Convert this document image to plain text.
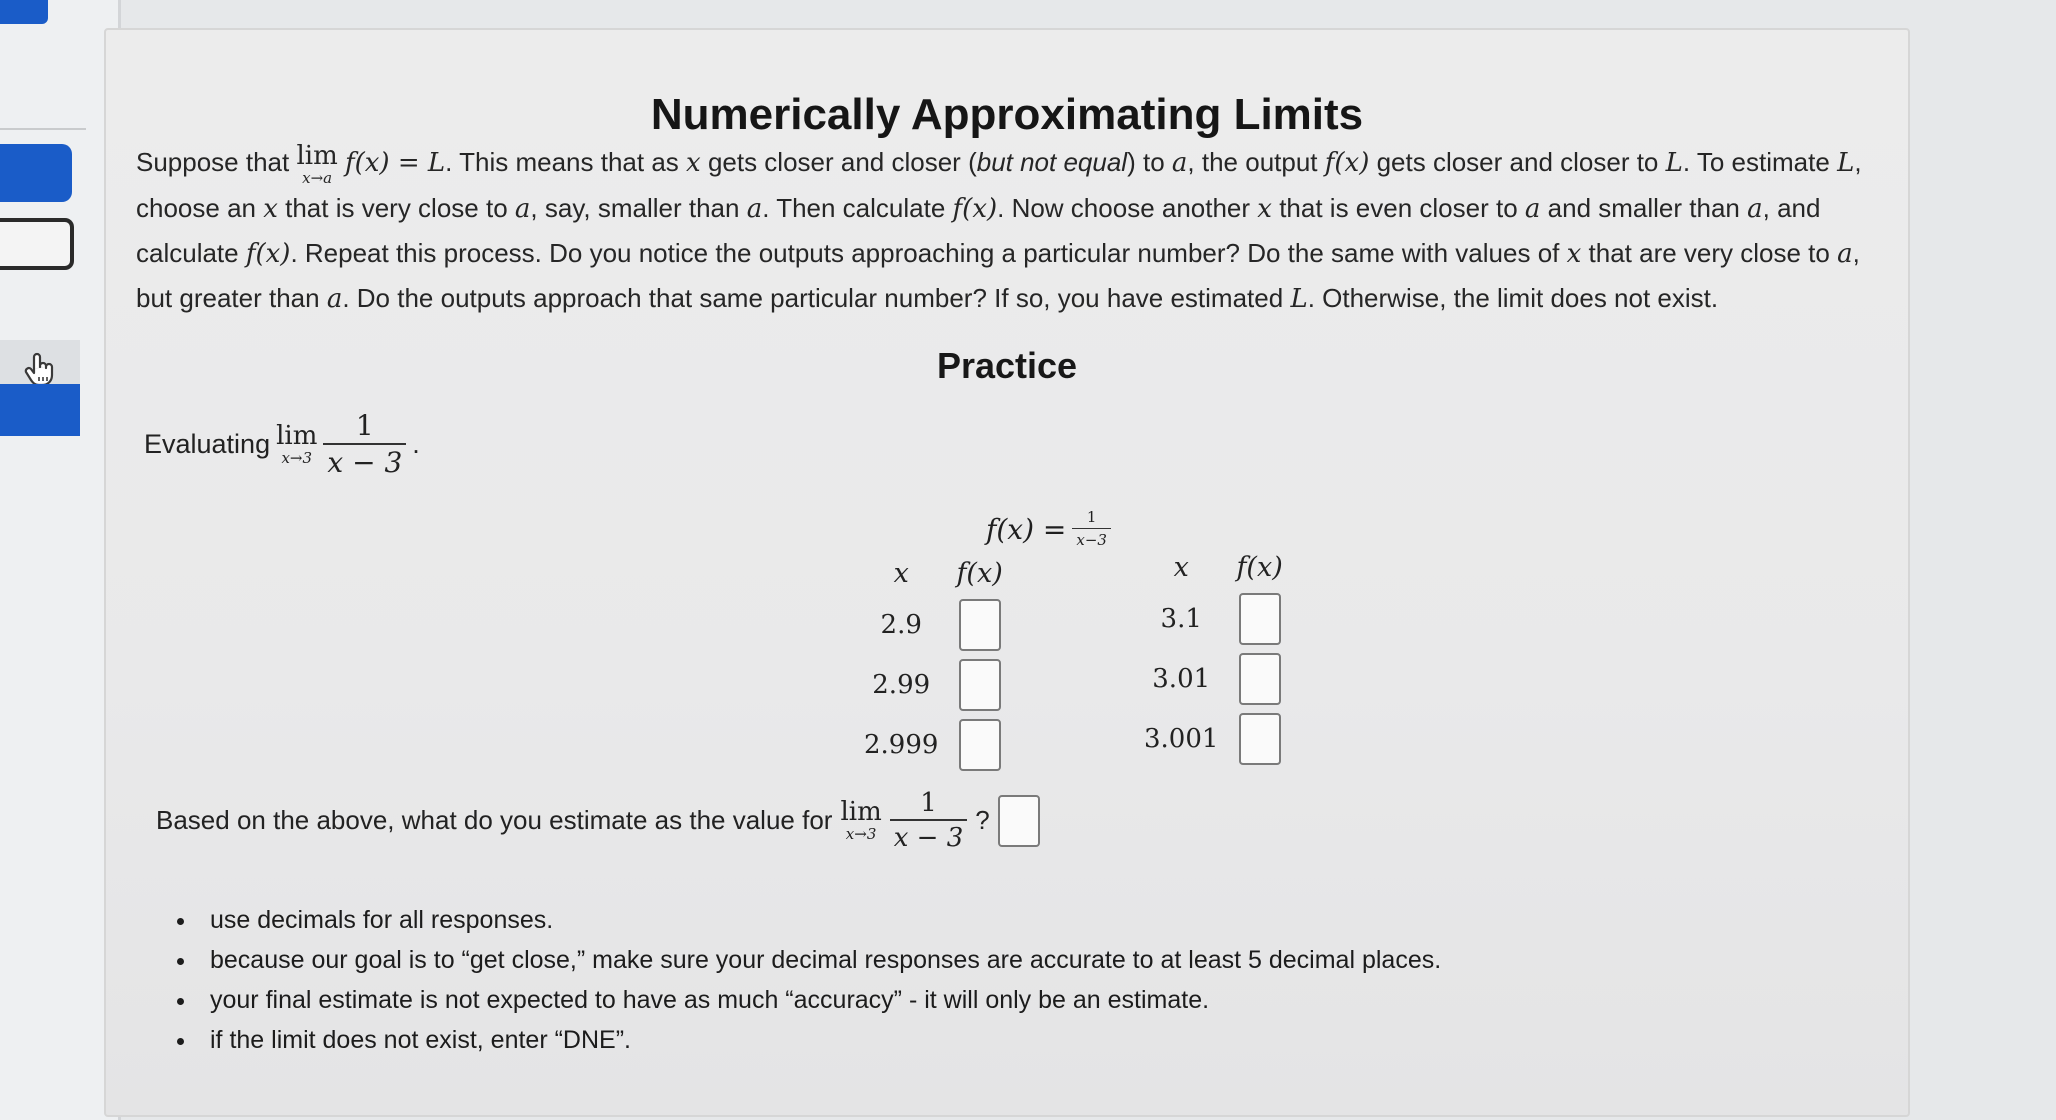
Numerically Approximating Limits

Suppose that lim
x→a f(x) = L. This means that as x gets closer and closer (but not equal) to a, the output f(x) gets closer and closer to L. To estimate L, choose an x that is very close to a, say, smaller than a. Then calculate f(x). Now choose another x that is even closer to a and smaller than a, and calculate f(x). Repeat this process. Do you notice the outputs approaching a particular number? Do the same with values of x that are very close to a, but greater than a. Do the outputs approach that same particular number? If so, you have estimated L. Otherwise, the limit does not exist.

Practice
Evaluating lim
$x\to 3 \frac{1}{x - 3}$ .
$f(x) = \frac{1}{x-3}$
x	f(x)
2.9	
2.99	
2.999	
x	f(x)
3.1	
3.01	
3.001	
Based on the above, what do you estimate as the value for lim
$x\to 3 \frac{1}{x - 3}$ ?
• use decimals for all responses.
• because our goal is to “get close,” make sure your decimal responses are accurate to at least 5 decimal places.
• your final estimate is not expected to have as much “accuracy” - it will only be an estimate.
• if the limit does not exist, enter “DNE”.
